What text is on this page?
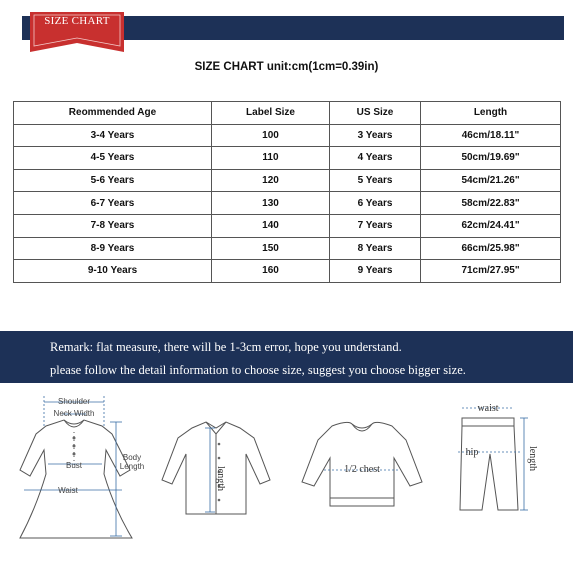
SIZE CHART
SIZE CHART unit:cm(1cm=0.39in)
Reommended Age	Label Size	US Size	Length
3-4 Years	100	3 Years	46cm/18.11"
4-5 Years	110	4 Years	50cm/19.69"
5-6 Years	120	5 Years	54cm/21.26"
6-7 Years	130	6 Years	58cm/22.83"
7-8 Years	140	7 Years	62cm/24.41"
8-9 Years	150	8 Years	66cm/25.98"
9-10 Years	160	9 Years	71cm/27.95"
Remark: flat measure, there will be 1-3cm error, hope you understand.
please follow the detail information to choose size, suggest you choose bigger size.
Shoulder
Neck Width
Bust
Waist
Body
Length	length	1/2 chest
waist
hip	length
